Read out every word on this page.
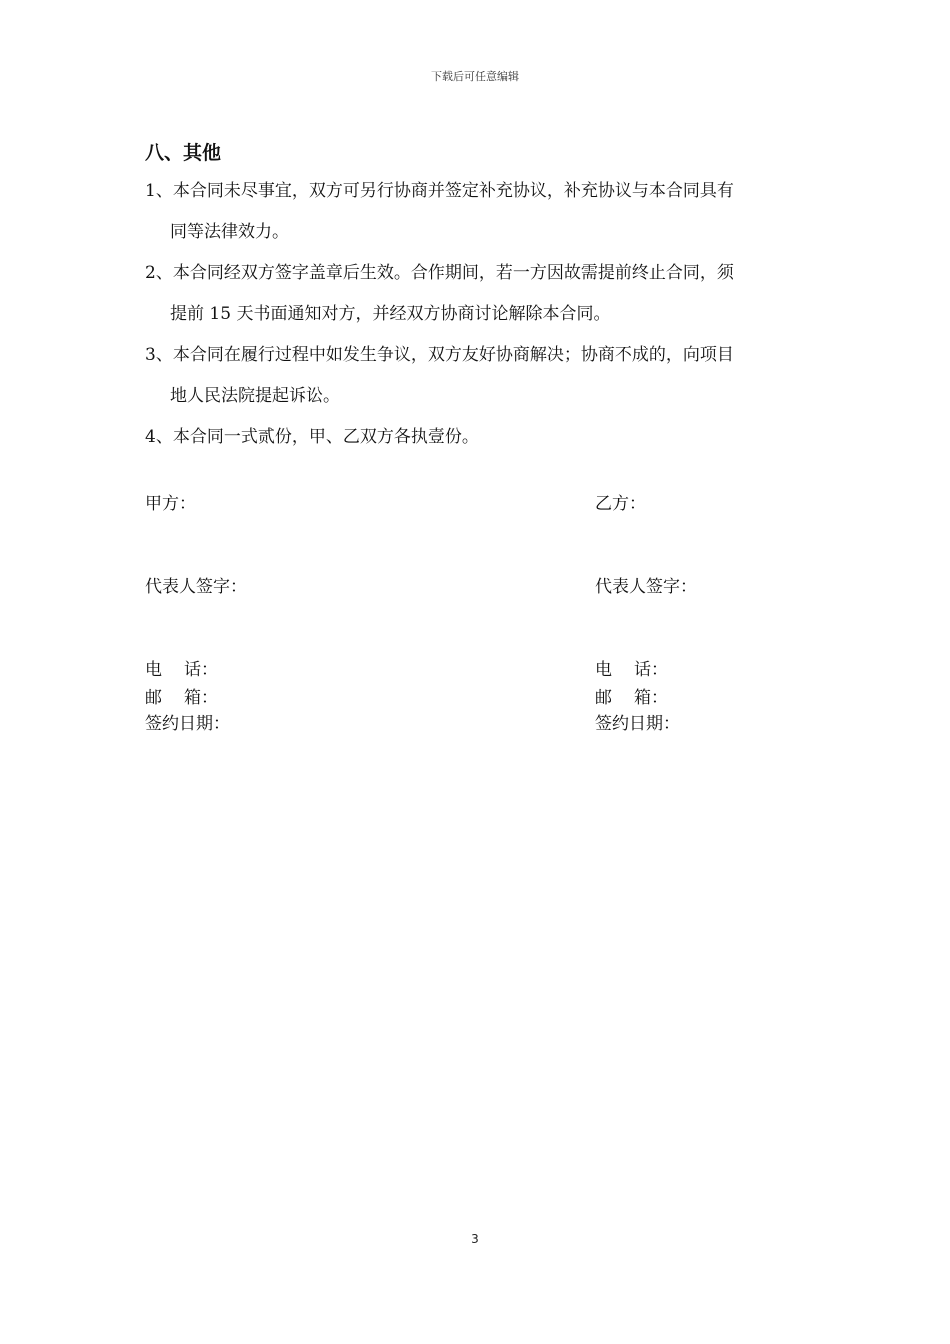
下载后可任意编辑
八、其他
1、本合同未尽事宜，双方可另行协商并签定补充协议，补充协议与本合同具有
同等法律效力。
2、本合同经双方签字盖章后生效。合作期间，若一方因故需提前终止合同，须
提前 15 天书面通知对方，并经双方协商讨论解除本合同。
3、本合同在履行过程中如发生争议，双方友好协商解决；协商不成的，向项目
地人民法院提起诉讼。
4、本合同一式贰份，甲、乙双方各执壹份。
甲方：
代表人签字：
电 话：
邮 箱：
签约日期：
乙方：
代表人签字：
电 话：
邮 箱：
签约日期：
3
